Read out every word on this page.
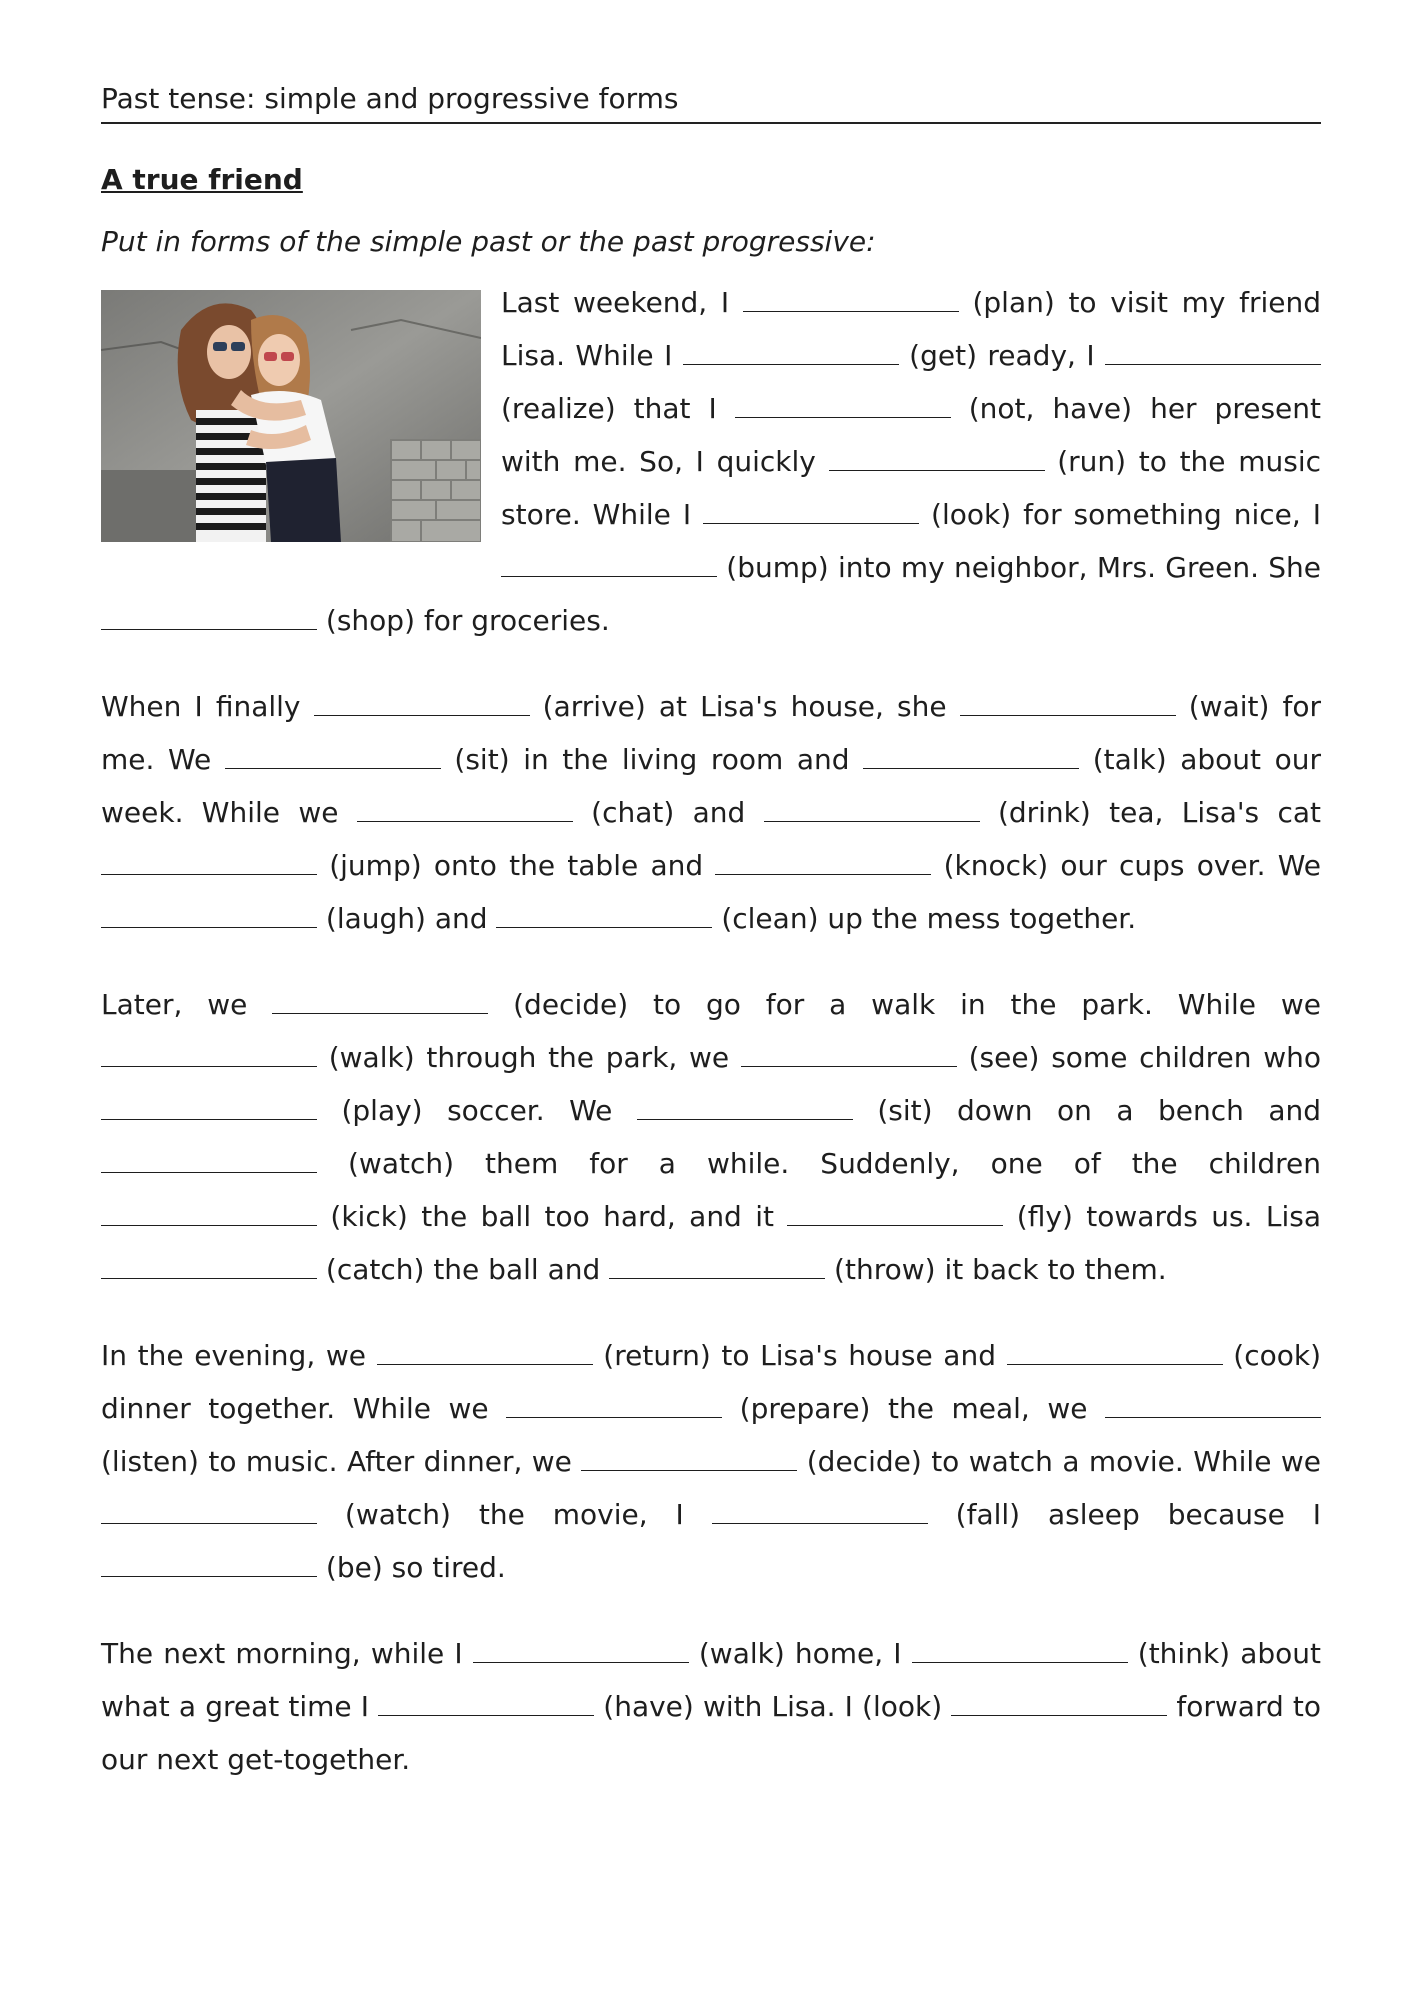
Past tense: simple and progressive forms
A true friend
Put in forms of the simple past or the past progressive:

Last weekend, I	(plan) to visit my friend Lisa. While I	(get) ready, I  (realize) that I	(not, have) her present with me. So, I quickly	(run) to the music store. While I	(look) for something nice, I  (bump) into my neighbor, Mrs. Green. She  (shop) for groceries.

When I finally	(arrive) at Lisa's house, she	(wait) for me. We	(sit) in the living room and	(talk) about our week. While we	(chat) and	(drink) tea, Lisa's cat  (jump) onto the table and	(knock) our cups over. We  (laugh) and	(clean) up the mess together.

Later, we	(decide) to go for a walk in the park. While we  (walk) through the park, we	(see) some children who  (play) soccer. We	(sit) down on a bench and  (watch) them for a while. Suddenly, one of the children  (kick) the ball too hard, and it	(fly) towards us. Lisa  (catch) the ball and	(throw) it back to them.

In the evening, we	(return) to Lisa's house and	(cook) dinner together. While we	(prepare) the meal, we  (listen) to music. After dinner, we	(decide) to watch a movie. While we  (watch) the movie, I	(fall) asleep because I  (be) so tired.

The next morning, while I	(walk) home, I	(think) about what a great time I	(have) with Lisa. I (look)	forward to our next get-together.
